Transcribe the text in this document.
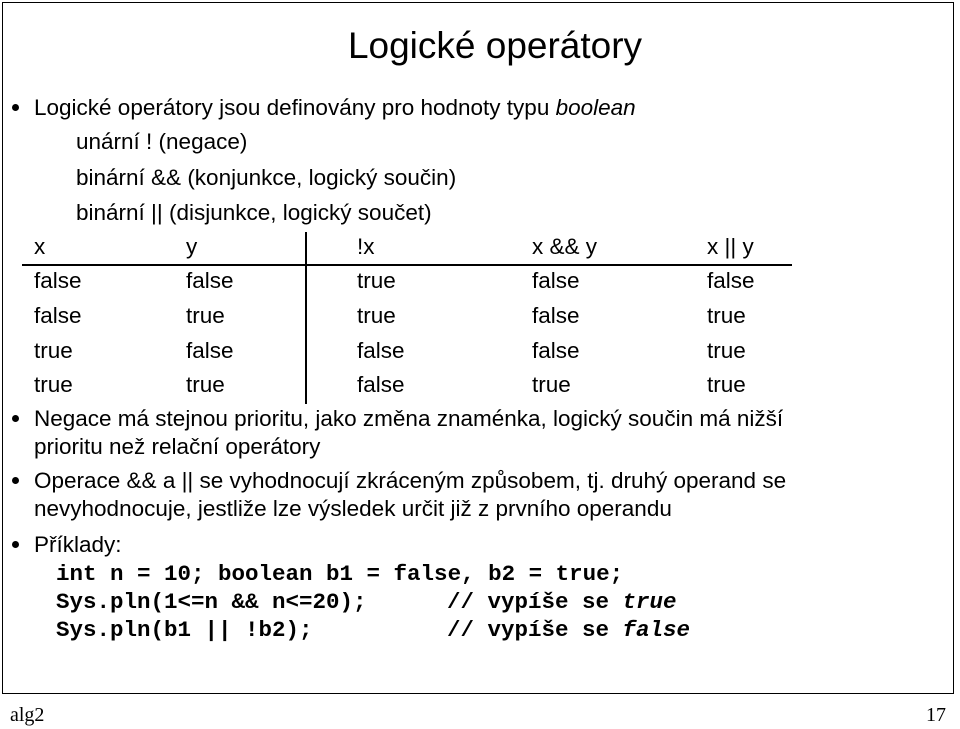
Logické operátory
Logické operátory jsou definovány pro hodnoty typu boolean
unární ! (negace)
binární && (konjunkce, logický součin)
binární || (disjunkce, logický součet)
x	y	!x	x && y	x || y
false	false	true	false	false
false	true	true	false	true
true	false	false	false	true
true	true	false	true	true
Negace má stejnou prioritu, jako změna znaménka, logický součin má nižší
prioritu než relační operátory
Operace && a || se vyhodnocují zkráceným způsobem, tj. druhý operand se
nevyhodnocuje, jestliže lze výsledek určit již z prvního operandu
Příklady:
int n = 10; boolean b1 = false, b2 = true;
Sys.pln(1<=n && n<=20);	// vypíše se true
Sys.pln(b1 || !b2);	// vypíše se false
alg2	17
